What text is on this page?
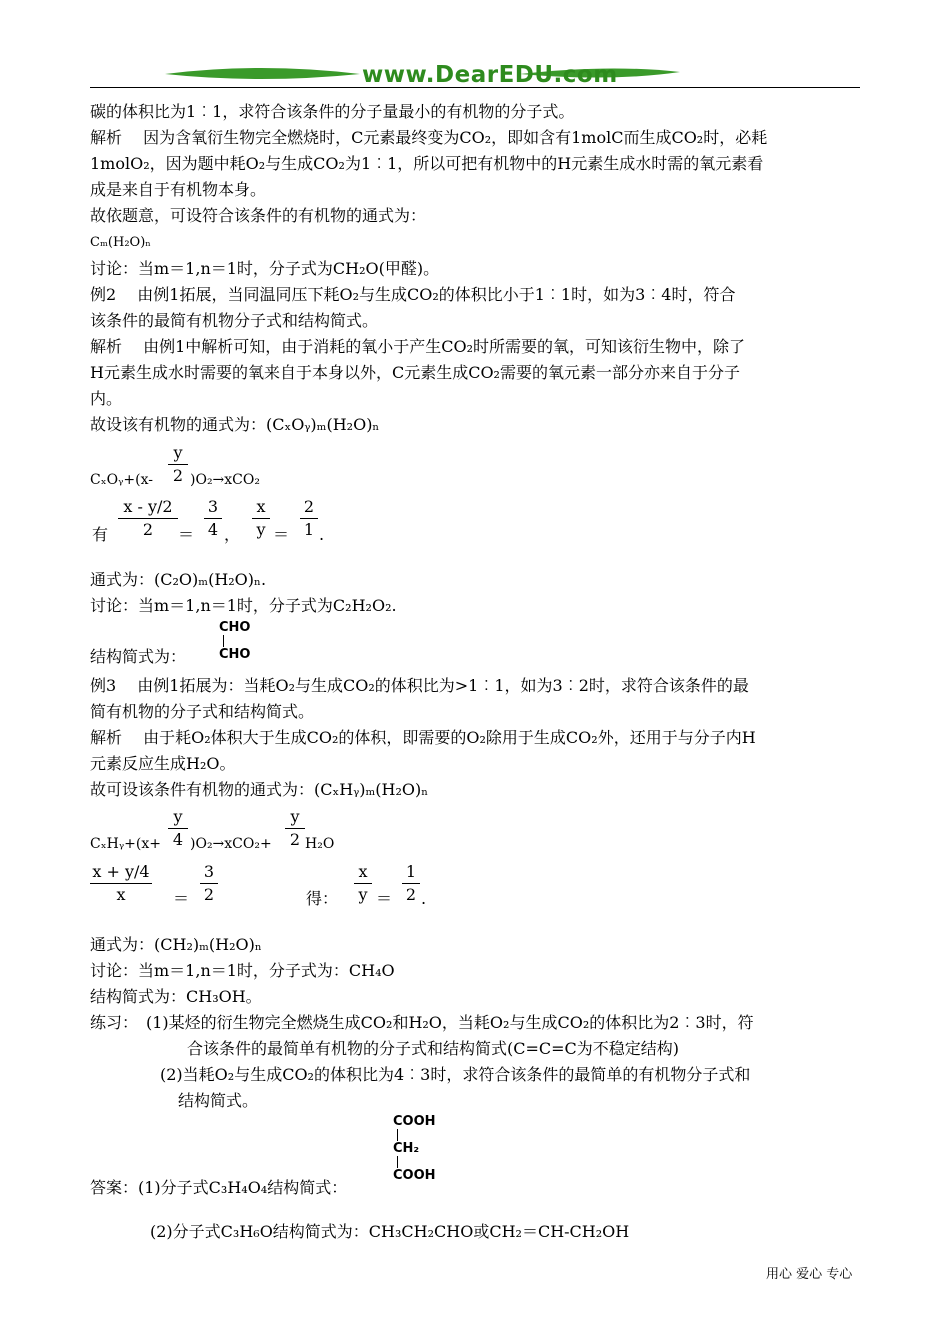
www.DearEDU.com
碳的体积比为1︰1，求符合该条件的分子量最小的有机物的分子式。
解析　 因为含氧衍生物完全燃烧时，C元素最终变为CO₂，即如含有1molC而生成CO₂时，必耗
1molO₂，因为题中耗O₂与生成CO₂为1︰1，所以可把有机物中的H元素生成水时需的氧元素看
成是来自于有机物本身。
故依题意，可设符合该条件的有机物的通式为：
Cₘ(H₂O)ₙ
讨论：当m＝1,n＝1时，分子式为CH₂O(甲醛)。
例2　 由例1拓展，当同温同压下耗O₂与生成CO₂的体积比小于1︰1时，如为3︰4时，符合
该条件的最简有机物分子式和结构简式。
解析　 由例1中解析可知，由于消耗的氧小于产生CO₂时所需要的氧，可知该衍生物中，除了
H元素生成水时需要的氧来自于本身以外，C元素生成CO₂需要的氧元素一部分亦来自于分子
内。
故设该有机物的通式为：(CₓOᵧ)ₘ(H₂O)ₙ
CₓOᵧ+(x-
y
2 )O₂→xCO₂
有
x - y/2
2	＝
3
4 ，
x
y ＝
2
1 .
通式为：(C₂O)ₘ(H₂O)ₙ.
讨论：当m＝1,n＝1时，分子式为C₂H₂O₂.
结构简式为：
CHO
CHO
例3　 由例1拓展为：当耗O₂与生成CO₂的体积比为>1︰1，如为3︰2时，求符合该条件的最
简有机物的分子式和结构简式。
解析　 由于耗O₂体积大于生成CO₂的体积，即需要的O₂除用于生成CO₂外，还用于与分子内H
元素反应生成H₂O。
故可设该条件有机物的通式为：(CₓHᵧ)ₘ(H₂O)ₙ
CₓHᵧ+(x+
y
4 )O₂→xCO₂+
y
2 H₂O
x + y/4
x	＝
3
2	得：
x
y ＝
1
2 .
通式为：(CH₂)ₘ(H₂O)ₙ
讨论：当m＝1,n＝1时，分子式为：CH₄O
结构简式为：CH₃OH。
练习：　(1)某烃的衍生物完全燃烧生成CO₂和H₂O，当耗O₂与生成CO₂的体积比为2︰3时，符
合该条件的最简单有机物的分子式和结构简式(C=C=C为不稳定结构)
(2)当耗O₂与生成CO₂的体积比为4︰3时，求符合该条件的最简单的有机物分子式和
结构简式。
COOH
CH₂
COOH
答案：(1)分子式C₃H₄O₄结构简式：
(2)分子式C₃H₆O结构简式为：CH₃CH₂CHO或CH₂＝CH-CH₂OH
用心 爱心 专心
